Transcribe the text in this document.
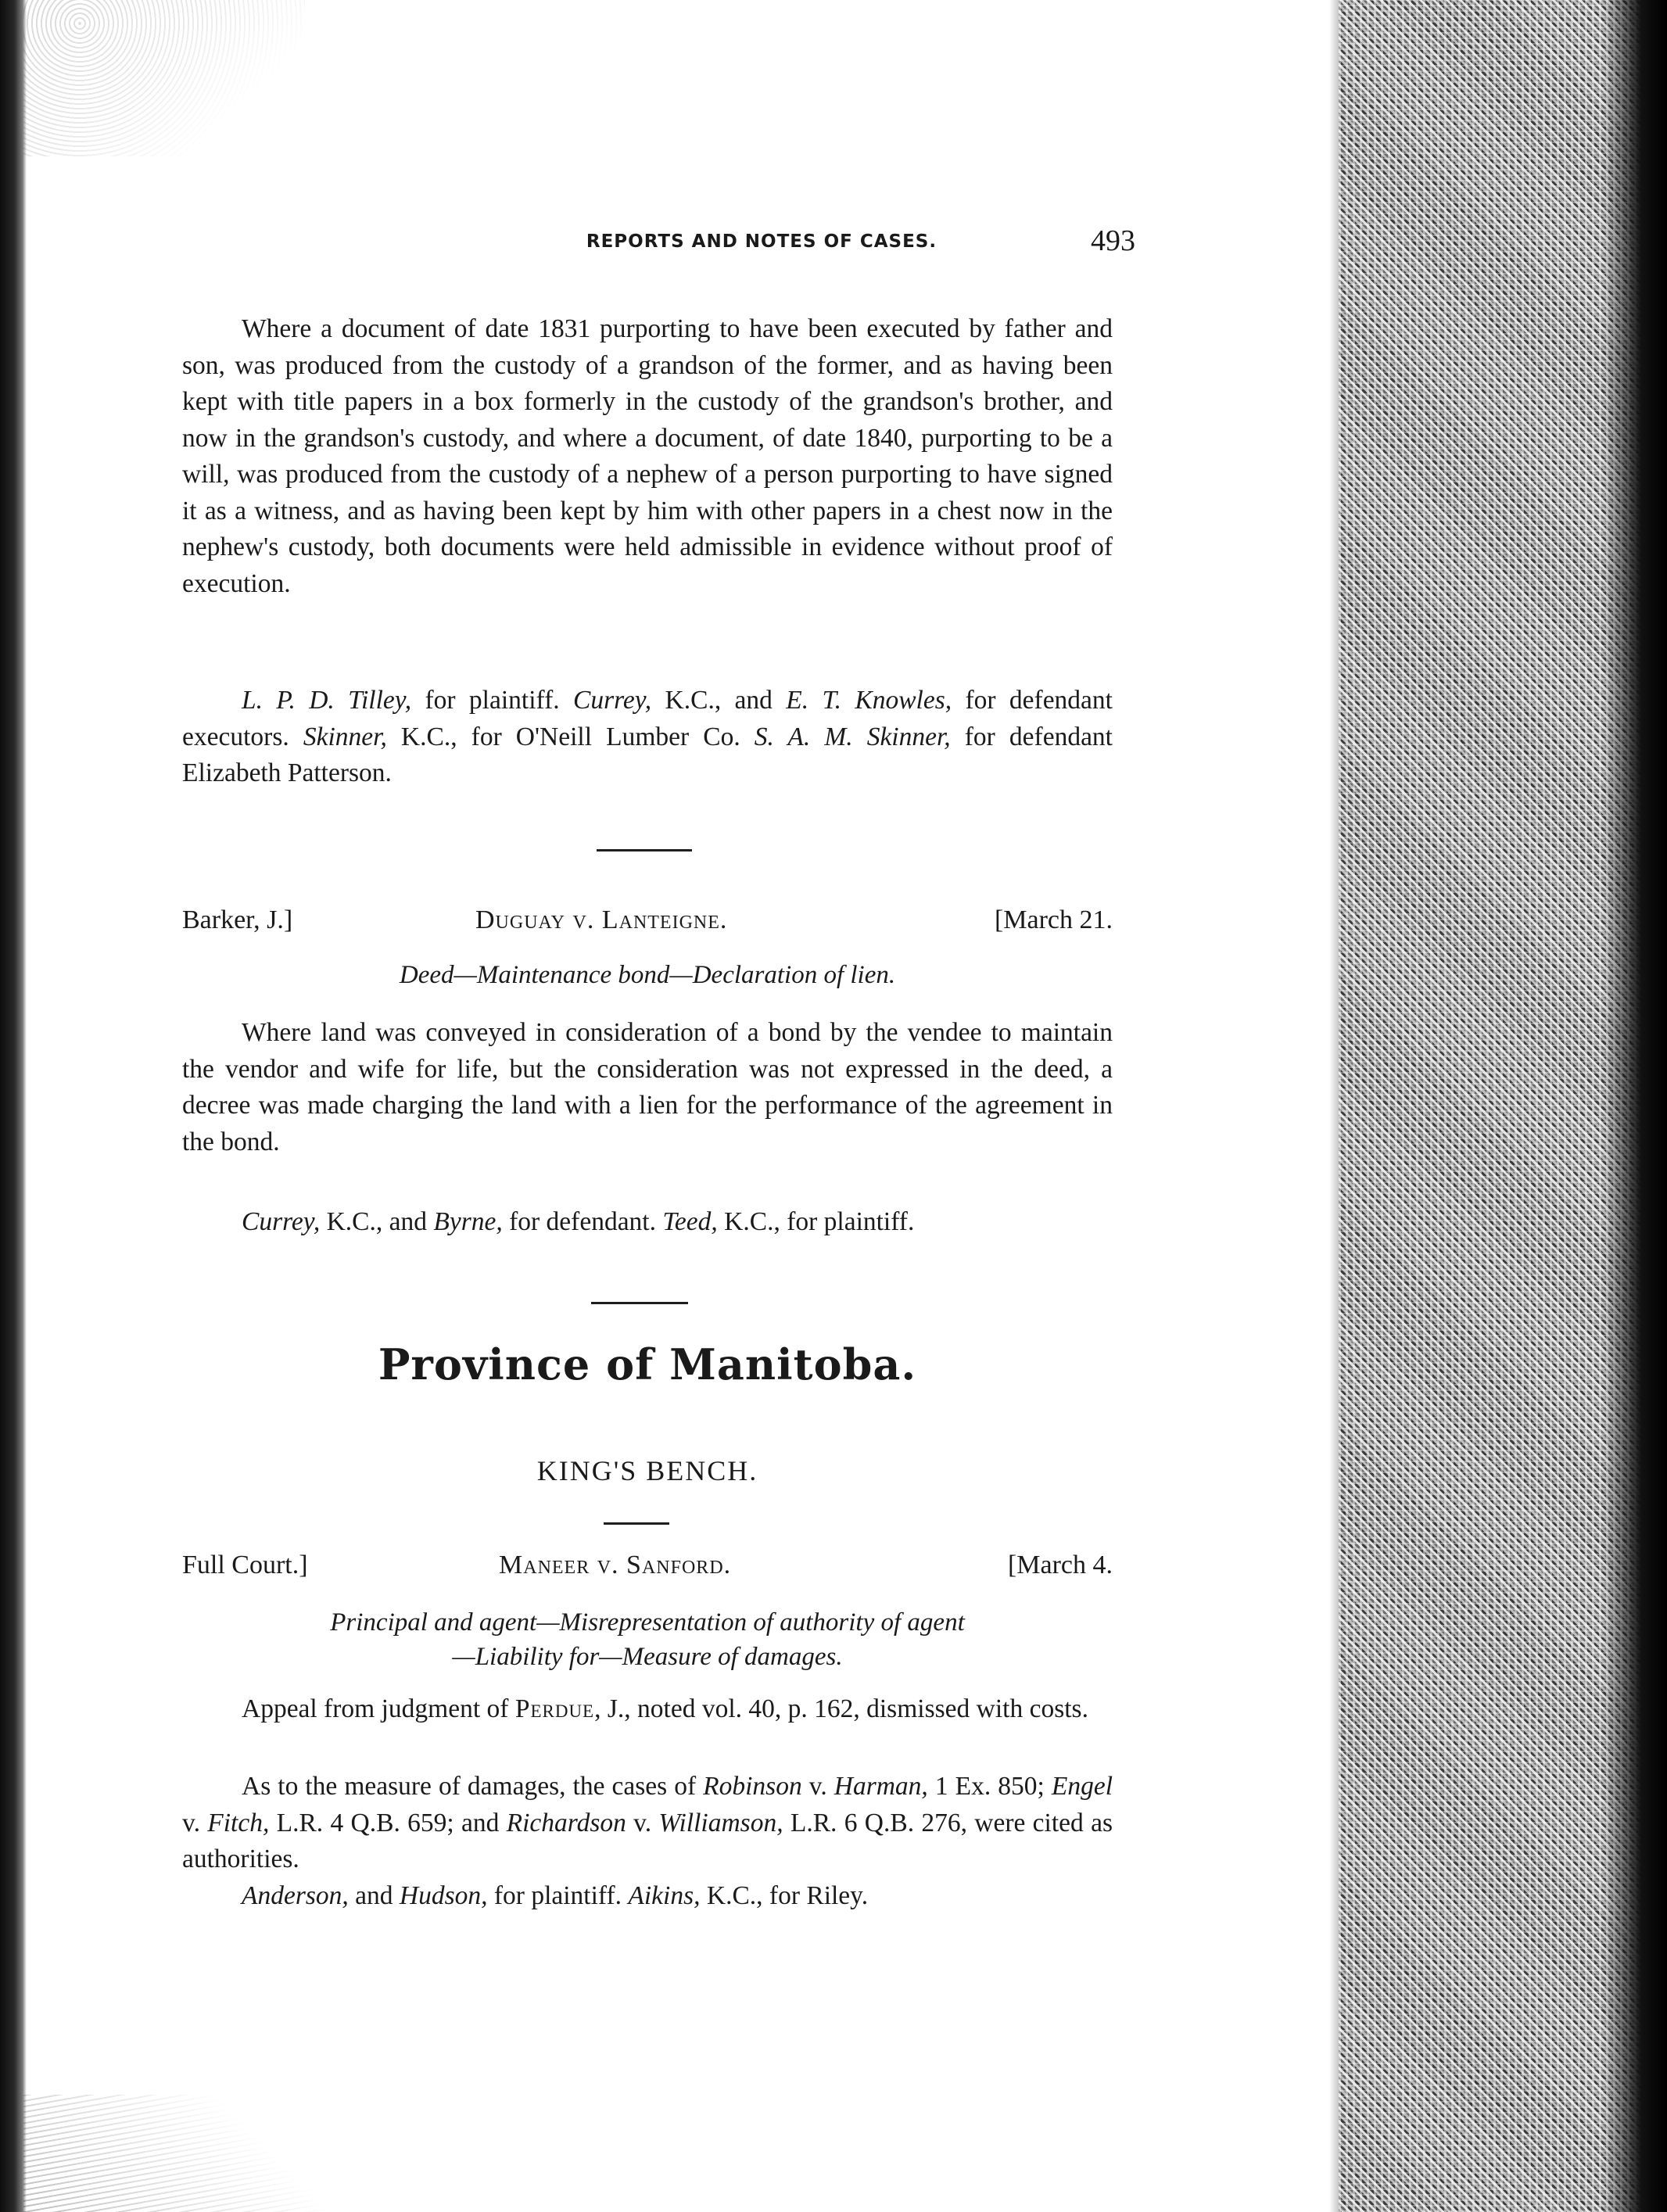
REPORTS AND NOTES OF CASES.	493

Where a document of date 1831 purporting to have been executed by father and son, was produced from the custody of a grandson of the former, and as having been kept with title papers in a box formerly in the custody of the grandson's brother, and now in the grandson's custody, and where a document, of date 1840, purporting to be a will, was produced from the custody of a nephew of a person purporting to have signed it as a witness, and as having been kept by him with other papers in a chest now in the nephew's custody, both documents were held admissible in evidence without proof of execution.

L. P. D. Tilley, for plaintiff. Currey, K.C., and E. T. Knowles, for defendant executors. Skinner, K.C., for O'Neill Lumber Co. S. A. M. Skinner, for defendant Elizabeth Patterson.

Barker, J.]	Duguay v. Lanteigne.	[March 21.
Deed—Maintenance bond—Declaration of lien.

Where land was conveyed in consideration of a bond by the vendee to maintain the vendor and wife for life, but the consideration was not expressed in the deed, a decree was made charging the land with a lien for the performance of the agreement in the bond.

Currey, K.C., and Byrne, for defendant. Teed, K.C., for plaintiff.

Province of Manitoba.
KING'S BENCH.
Full Court.]	Maneer v. Sanford.	[March 4.
Principal and agent—Misrepresentation of authority of agent
—Liability for—Measure of damages.

Appeal from judgment of Perdue, J., noted vol. 40, p. 162, dismissed with costs.

As to the measure of damages, the cases of Robinson v. Harman, 1 Ex. 850; Engel v. Fitch, L.R. 4 Q.B. 659; and Richardson v. Williamson, L.R. 6 Q.B. 276, were cited as authorities.

Anderson, and Hudson, for plaintiff. Aikins, K.C., for Riley.
